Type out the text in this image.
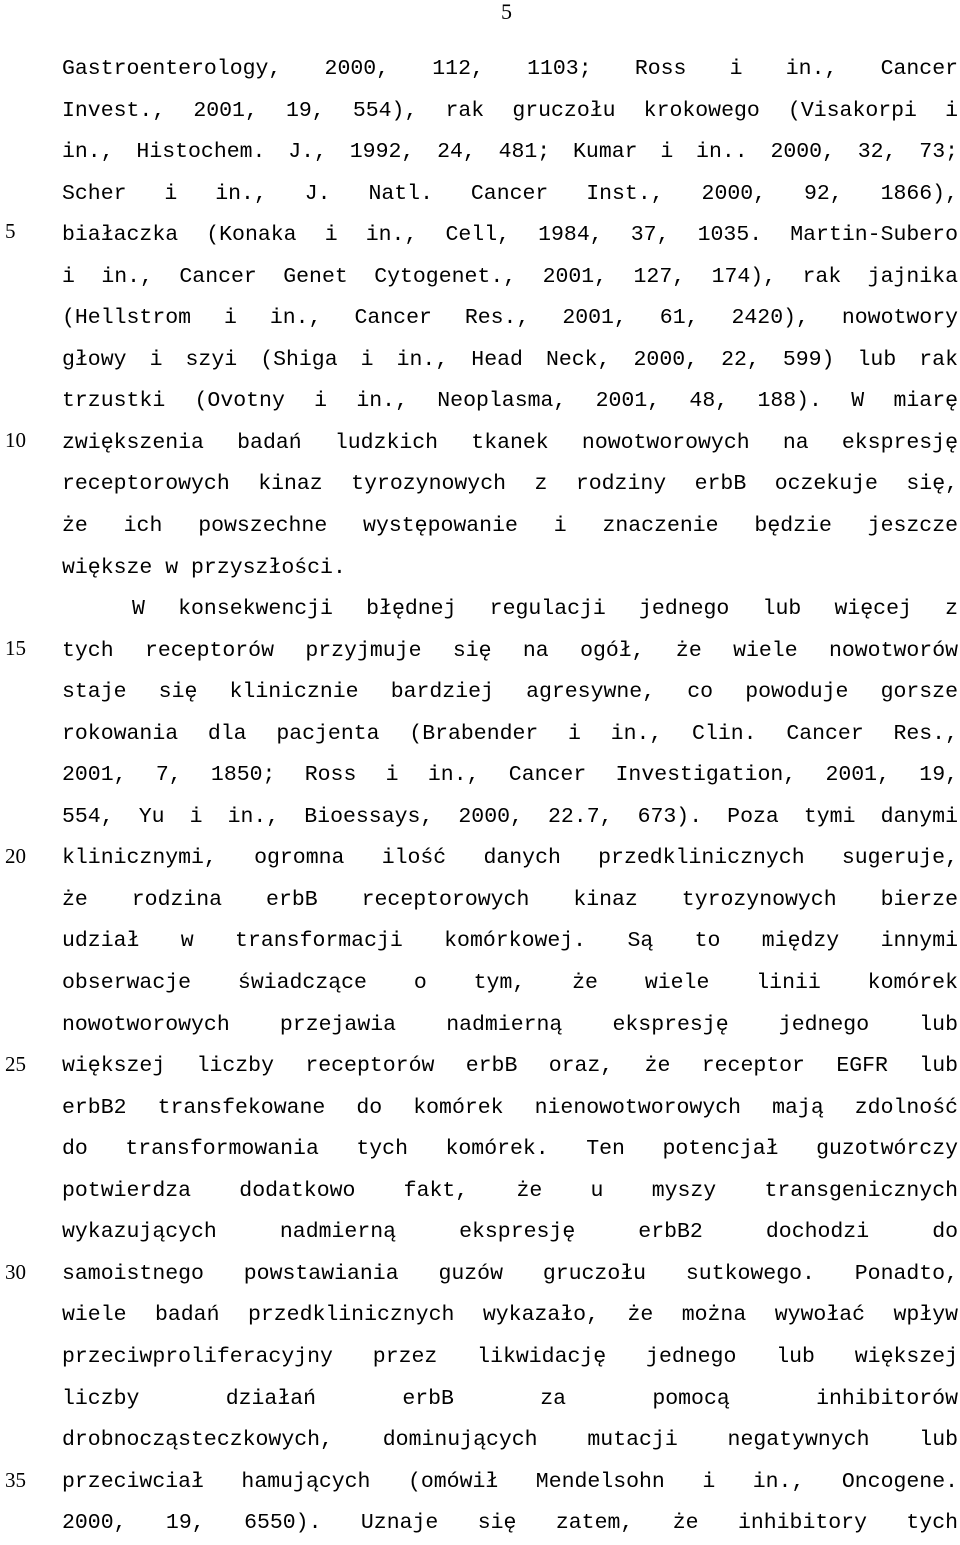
5
5
10
15
20
25
30
35
Gastroenterology, 2000, 112, 1103; Ross i in., Cancer
Invest., 2001, 19, 554), rak gruczołu krokowego (Visakorpi i
in., Histochem. J., 1992, 24, 481; Kumar i in.. 2000, 32, 73;
Scher i in., J. Natl. Cancer Inst., 2000, 92, 1866),
białaczka (Konaka i in., Cell, 1984, 37, 1035. Martin-Subero
i in., Cancer Genet Cytogenet., 2001, 127, 174), rak jajnika
(Hellstrom i in., Cancer Res., 2001, 61, 2420), nowotwory
głowy i szyi (Shiga i in., Head Neck, 2000, 22, 599) lub rak
trzustki (Ovotny i in., Neoplasma, 2001, 48, 188). W miarę
zwiększenia badań ludzkich tkanek nowotworowych na ekspresję
receptorowych kinaz tyrozynowych z rodziny erbB oczekuje się,
że ich powszechne występowanie i znaczenie będzie jeszcze
większe w przyszłości.
W konsekwencji błędnej regulacji jednego lub więcej z
tych receptorów przyjmuje się na ogół, że wiele nowotworów
staje się klinicznie bardziej agresywne, co powoduje gorsze
rokowania dla pacjenta (Brabender i in., Clin. Cancer Res.,
2001, 7, 1850; Ross i in., Cancer Investigation, 2001, 19,
554, Yu i in., Bioessays, 2000, 22.7, 673). Poza tymi danymi
klinicznymi, ogromna ilość danych przedklinicznych sugeruje,
że rodzina erbB receptorowych kinaz tyrozynowych bierze
udział w transformacji komórkowej. Są to między innymi
obserwacje świadczące o tym, że wiele linii komórek
nowotworowych przejawia nadmierną ekspresję jednego lub
większej liczby receptorów erbB oraz, że receptor EGFR lub
erbB2 transfekowane do komórek nienowotworowych mają zdolność
do transformowania tych komórek. Ten potencjał guzotwórczy
potwierdza dodatkowo fakt, że u myszy transgenicznych
wykazujących nadmierną ekspresję erbB2 dochodzi do
samoistnego powstawiania guzów gruczołu sutkowego. Ponadto,
wiele badań przedklinicznych wykazało, że można wywołać wpływ
przeciwproliferacyjny przez likwidację jednego lub większej
liczby działań erbB za pomocą inhibitorów
drobnocząsteczkowych, dominujących mutacji negatywnych lub
przeciwciał hamujących (omówił Mendelsohn i in., Oncogene.
2000, 19, 6550). Uznaje się zatem, że inhibitory tych
